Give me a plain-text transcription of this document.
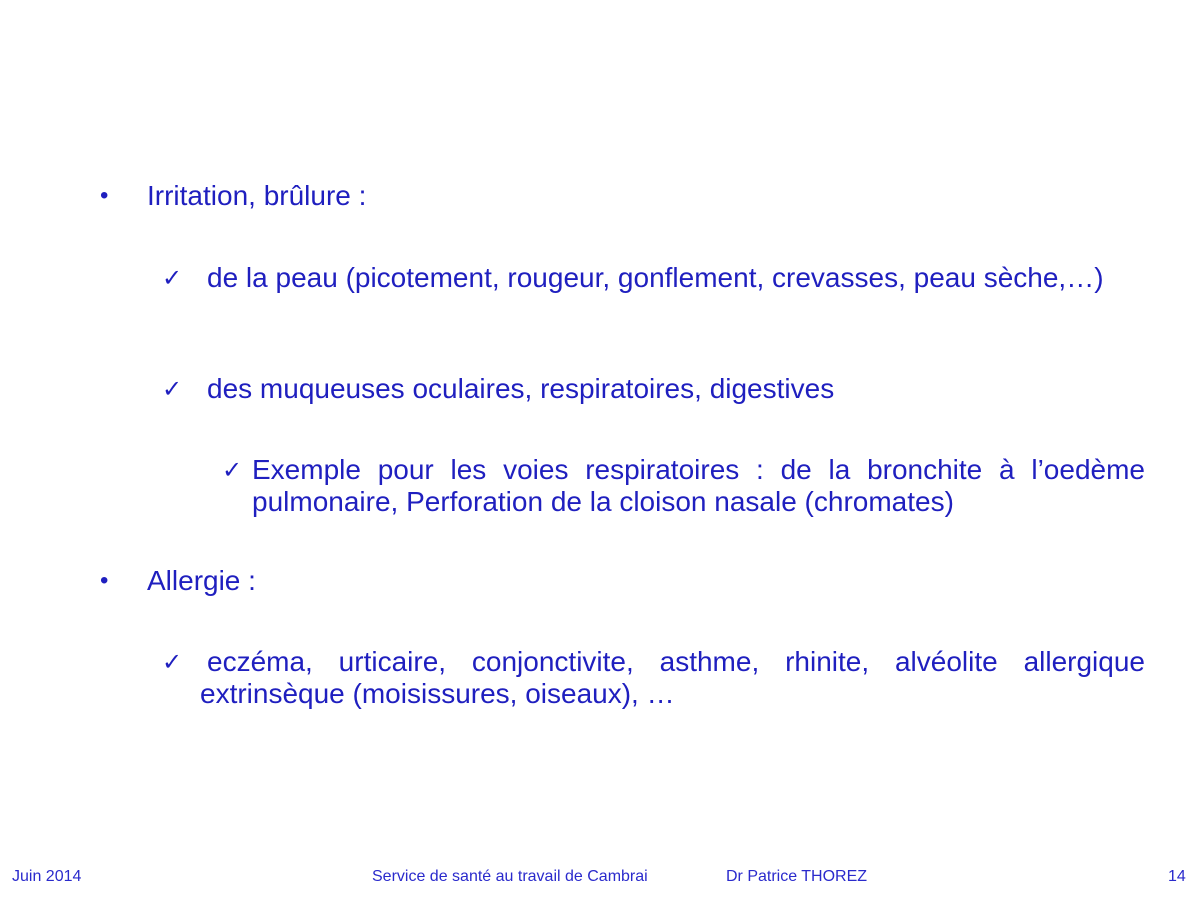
• Irritation, brûlure :
✓ de la peau (picotement, rougeur, gonflement, crevasses, peau sèche,…)
✓ des muqueuses oculaires, respiratoires, digestives
✓ Exemple pour les voies respiratoires : de la bronchite à l’oedème pulmonaire, Perforation de la cloison nasale (chromates)
• Allergie :
✓ eczéma, urticaire, conjonctivite, asthme, rhinite, alvéolite allergique extrinsèque (moisissures, oiseaux), …
Juin 2014	Service de santé au travail de Cambrai	Dr Patrice THOREZ	14
